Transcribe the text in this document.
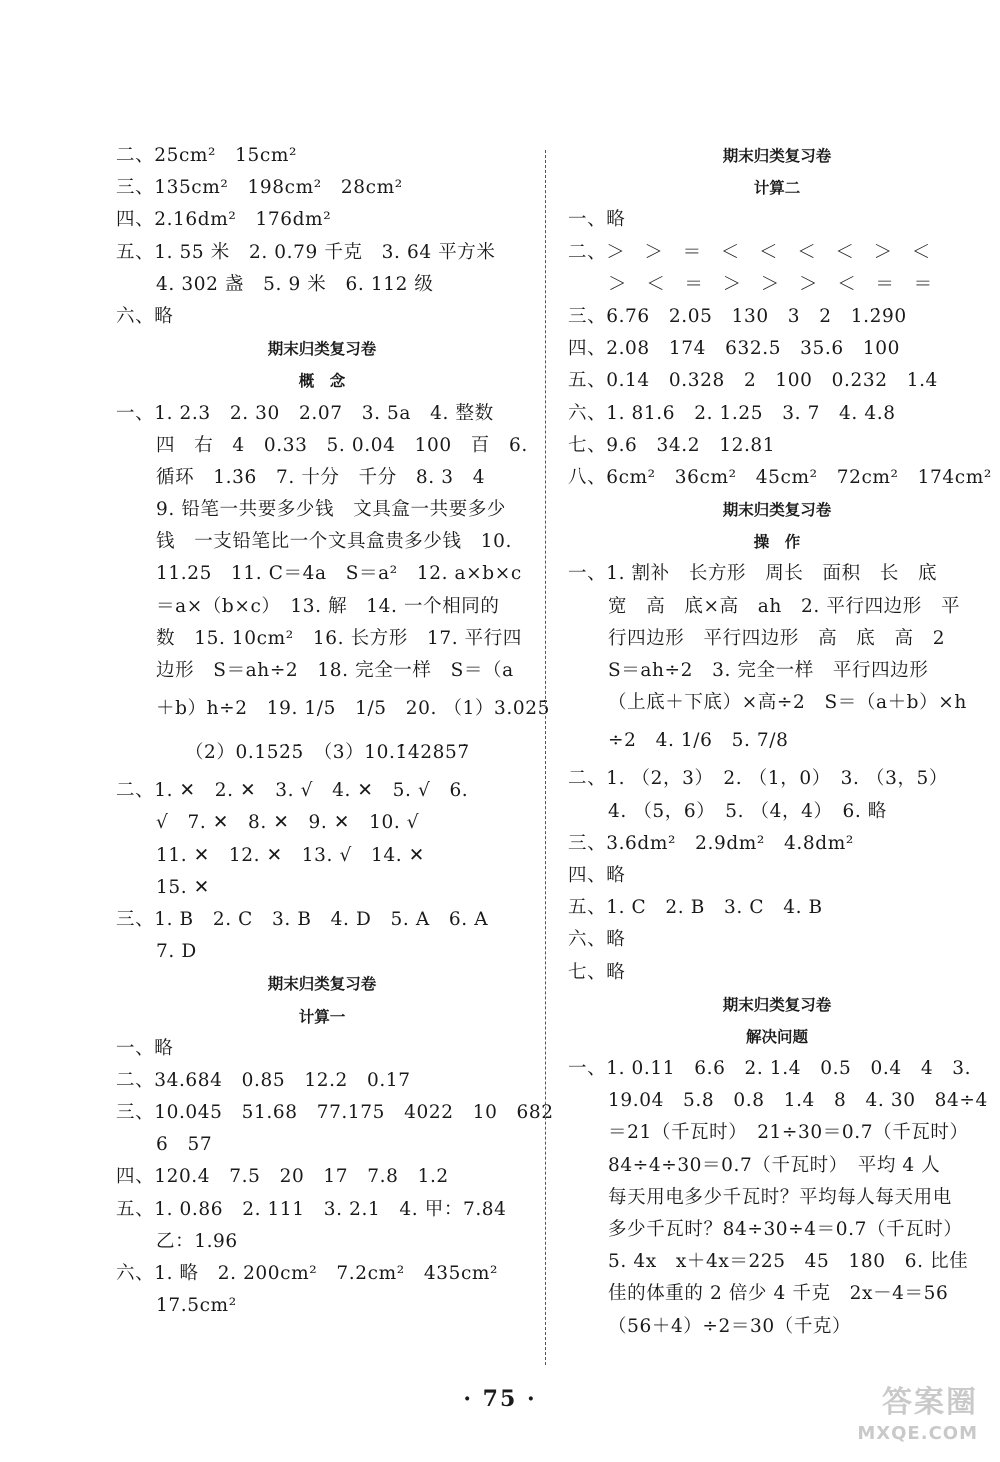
二、25cm²　15cm²
三、135cm²　198cm²　28cm²
四、2.16dm²　176dm²
五、1. 55 米　2. 0.79 千克　3. 64 平方米
4. 302 盏　5. 9 米　6. 112 级
六、略
期末归类复习卷
概　念
一、1. 2.3　2. 30　2.07　3. 5a　4. 整数
四　右　4　0.33　5. 0.04　100　百　6.
循环　1.3̇6̇　7. 十分　千分　8. 3　4
9. 铅笔一共要多少钱　文具盒一共要多少
钱　一支铅笔比一个文具盒贵多少钱　10.
11.25　11. C＝4a　S＝a²　12. a×b×c
＝a×（b×c）　13. 解　14. 一个相同的
数　15. 10cm²　16. 长方形　17. 平行四
边形　S＝ah÷2　18. 完全一样　S＝（a
＋b）h÷2　19. 1/5　1/5　20. （1）3.025̇
　　（2）0.152̇5̇　（3）10.1̇42857̇
二、1. ✕　2. ✕　3. √　4. ✕　5. √　6.
√　7. ✕　8. ✕　9. ✕　10. √
11. ✕　12. ✕　13. √　14. ✕
15. ✕
三、1. B　2. C　3. B　4. D　5. A　6. A
7. D
期末归类复习卷
计算一
一、略
二、34.684　0.85　12.2　0.17
三、10.045　51.68　77.175　4022　10　682
6　57
四、120.4　7.5　20　17　7.8　1.2
五、1. 0.86　2. 111　3. 2.1　4. 甲：7.84
乙：1.96
六、1. 略　2. 200cm²　7.2cm²　435cm²
17.5cm²
期末归类复习卷
计算二
一、略
二、＞　＞　＝　＜　＜　＜　＜　＞　＜
＞　＜　＝　＞　＞　＞　＜　＝　＝
三、6.76　2.05　130　3　2　1.2̇9̇0
四、2.08　174　632.5　35.6　100
五、0.14　0.328　2　100　0.232　1.4
六、1. 81.6　2. 1.25　3. 7　4. 4.8
七、9.6　34.2　12.81
八、6cm²　36cm²　45cm²　72cm²　174cm²
期末归类复习卷
操　作
一、1. 割补　长方形　周长　面积　长　底
宽　高　底×高　ah　2. 平行四边形　平
行四边形　平行四边形　高　底　高　2
S＝ah÷2　3. 完全一样　平行四边形
（上底＋下底）×高÷2　S＝（a＋b）×h
÷2　4. 1/6　5. 7/8
二、1. （2，3）　2. （1，0）　3. （3，5）
4. （5，6）　5. （4，4）　6. 略
三、3.6dm²　2.9dm²　4.8dm²
四、略
五、1. C　2. B　3. C　4. B
六、略
七、略
期末归类复习卷
解决问题
一、1. 0.11　6.6　2. 1.4　0.5　0.4　4　3.
19.04　5.8　0.8　1.4　8　4. 30　84÷4
＝21（千瓦时）　21÷30＝0.7（千瓦时）
84÷4÷30＝0.7（千瓦时）　平均 4 人
每天用电多少千瓦时？平均每人每天用电
多少千瓦时？84÷30÷4＝0.7（千瓦时）
5. 4x　x＋4x＝225　45　180　6. 比佳
佳的体重的 2 倍少 4 千克　2x－4＝56
（56＋4）÷2＝30（千克）
· 75 ·	答案圈
MXQE.COM
